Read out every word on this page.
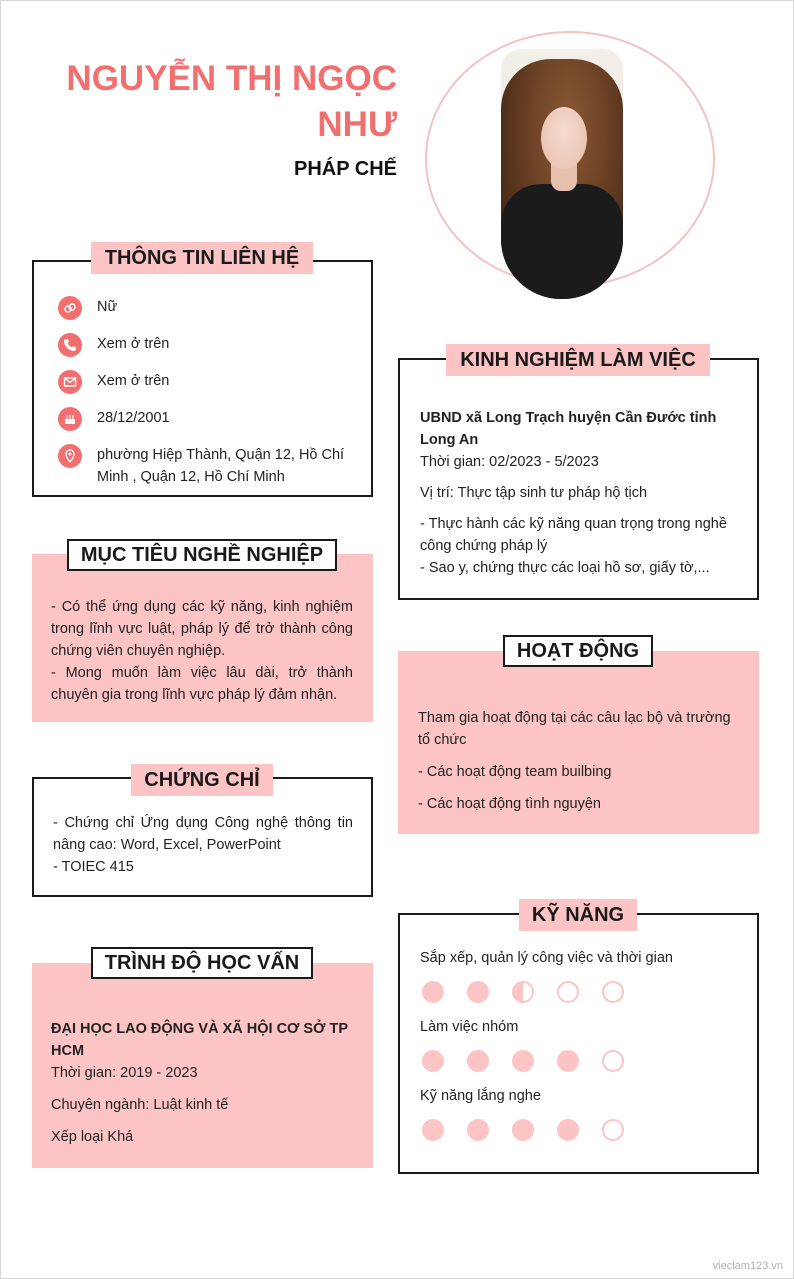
NGUYỄN THỊ NGỌC
NHƯ
PHÁP CHẾ
Nữ
Xem ở trên
Xem ở trên
28/12/2001
phường Hiệp Thành, Quận 12, Hồ Chí Minh , Quận 12, Hồ Chí Minh
THÔNG TIN LIÊN HỆ
- Có thể ứng dụng các kỹ năng, kinh nghiệm trong lĩnh vực luật, pháp lý để trở thành công chứng viên chuyên nghiệp.
- Mong muốn làm việc lâu dài, trở thành chuyên gia trong lĩnh vực pháp lý đảm nhận.
MỤC TIÊU NGHỀ NGHIỆP
- Chứng chỉ Ứng dụng Công nghệ thông tin nâng cao: Word, Excel, PowerPoint
- TOIEC 415
CHỨNG CHỈ
ĐẠI HỌC LAO ĐỘNG VÀ XÃ HỘI CƠ SỞ TP HCM
Thời gian: 2019 - 2023
Chuyên ngành: Luật kinh tế
Xếp loại Khá
TRÌNH ĐỘ HỌC VẤN
UBND xã Long Trạch huyện Cần Đước tỉnh Long An
Thời gian: 02/2023 - 5/2023
Vị trí: Thực tập sinh tư pháp hộ tịch
- Thực hành các kỹ năng quan trọng trong nghề công chứng pháp lý
- Sao y, chứng thực các loại hồ sơ, giấy tờ,...
KINH NGHIỆM LÀM VIỆC
Tham gia hoạt động tại các câu lạc bộ và trường tổ chức
- Các hoạt động team builbing
- Các hoạt động tình nguyện
HOẠT ĐỘNG
Sắp xếp, quản lý công việc và thời gian
Làm việc nhóm
Kỹ năng lắng nghe
KỸ NĂNG
vieclam123.vn
